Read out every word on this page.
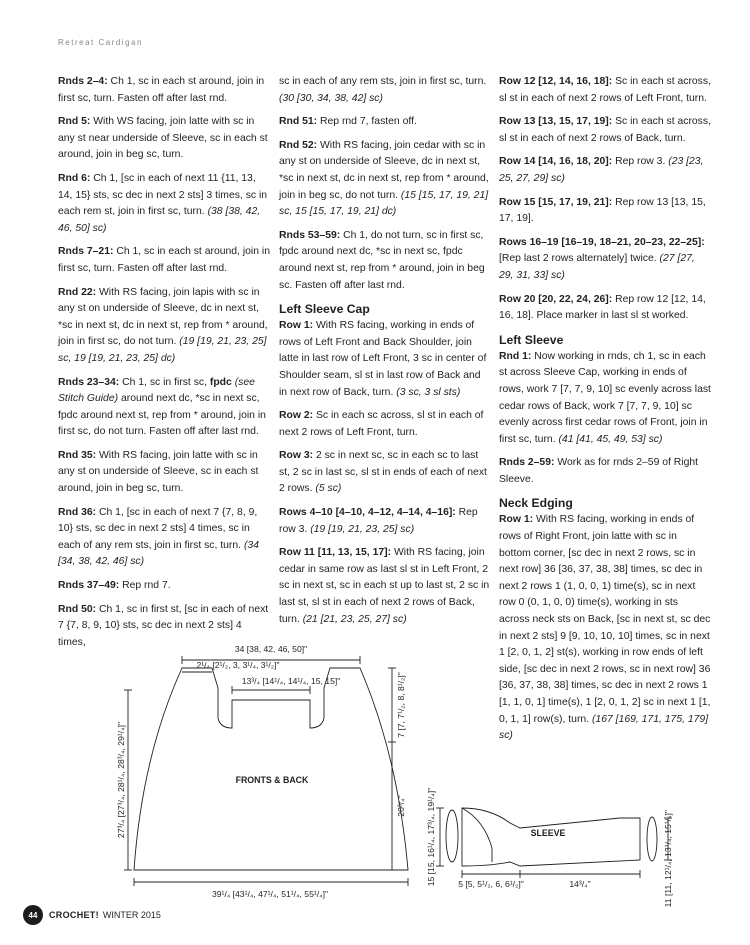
Retreat Cardigan

Rnds 2–4: Ch 1, sc in each st around, join in first sc, turn. Fasten off after last rnd.

Rnd 5: With WS facing, join latte with sc in any st near underside of Sleeve, sc in each st around, join in beg sc, turn.

Rnd 6: Ch 1, [sc in each of next 11 {11, 13, 14, 15} sts, sc dec in next 2 sts] 3 times, sc in each rem st, join in first sc, turn. (38 [38, 42, 46, 50] sc)

Rnds 7–21: Ch 1, sc in each st around, join in first sc, turn. Fasten off after last rnd.

Rnd 22: With RS facing, join lapis with sc in any st on underside of Sleeve, dc in next st, *sc in next st, dc in next st, rep from * around, join in first sc, do not turn. (19 [19, 21, 23, 25] sc, 19 [19, 21, 23, 25] dc)

Rnds 23–34: Ch 1, sc in first sc, fpdc (see Stitch Guide) around next dc, *sc in next sc, fpdc around next st, rep from * around, join in first sc, do not turn. Fasten off after last rnd.

Rnd 35: With RS facing, join latte with sc in any st on underside of Sleeve, sc in each st around, join in beg sc, turn.

Rnd 36: Ch 1, [sc in each of next 7 {7, 8, 9, 10} sts, sc dec in next 2 sts] 4 times, sc in each of any rem sts, join in first sc, turn. (34 [34, 38, 42, 46] sc)

Rnds 37–49: Rep rnd 7.

Rnd 50: Ch 1, sc in first st, [sc in each of next 7 {7, 8, 9, 10} sts, sc dec in next 2 sts] 4 times,

sc in each of any rem sts, join in first sc, turn. (30 [30, 34, 38, 42] sc)

Rnd 51: Rep rnd 7, fasten off.

Rnd 52: With RS facing, join cedar with sc in any st on underside of Sleeve, dc in next st, *sc in next st, dc in next st, rep from * around, join in beg sc, do not turn. (15 [15, 17, 19, 21] sc, 15 [15, 17, 19, 21] dc)

Rnds 53–59: Ch 1, do not turn, sc in first sc, fpdc around next dc, *sc in next sc, fpdc around next st, rep from * around, join in beg sc. Fasten off after last rnd.

Left Sleeve Cap

Row 1: With RS facing, working in ends of rows of Left Front and Back Shoulder, join latte in last row of Left Front, 3 sc in center of Shoulder seam, sl st in last row of Back and in next row of Back, turn. (3 sc, 3 sl sts)

Row 2: Sc in each sc across, sl st in each of next 2 rows of Left Front, turn.

Row 3: 2 sc in next sc, sc in each sc to last st, 2 sc in last sc, sl st in ends of each of next 2 rows. (5 sc)

Rows 4–10 [4–10, 4–12, 4–14, 4–16]: Rep row 3. (19 [19, 21, 23, 25] sc)

Row 11 [11, 13, 15, 17]: With RS facing, join cedar in same row as last sl st in Left Front, 2 sc in next st, sc in each st up to last st, 2 sc in last st, sl st in each of next 2 rows of Back, turn. (21 [21, 23, 25, 27] sc)

Row 12 [12, 14, 16, 18]: Sc in each st across, sl st in each of next 2 rows of Left Front, turn.

Row 13 [13, 15, 17, 19]: Sc in each st across, sl st in each of next 2 rows of Back, turn.

Row 14 [14, 16, 18, 20]: Rep row 3. (23 [23, 25, 27, 29] sc)

Row 15 [15, 17, 19, 21]: Rep row 13 [13, 15, 17, 19].

Rows 16–19 [16–19, 18–21, 20–23, 22–25]: [Rep last 2 rows alternately] twice. (27 [27, 29, 31, 33] sc)

Row 20 [20, 22, 24, 26]: Rep row 12 [12, 14, 16, 18]. Place marker in last sl st worked.

Left Sleeve

Rnd 1: Now working in rnds, ch 1, sc in each st across Sleeve Cap, working in ends of rows, work 7 [7, 7, 9, 10] sc evenly across last cedar rows of Back, work 7 [7, 7, 9, 10] sc evenly across first cedar rows of Front, join in first sc, turn. (41 [41, 45, 49, 53] sc)

Rnds 2–59: Work as for rnds 2–59 of Right Sleeve.

Neck Edging

Row 1: With RS facing, working in ends of rows of Right Front, join latte with sc in bottom corner, [sc dec in next 2 rows, sc in next row] 36 [36, 37, 38, 38] times, sc dec in next 2 rows 1 (1, 0, 0, 1) time(s), sc in next row 0 (0, 1, 0, 0) time(s), working in sts across neck sts on Back, [sc in next st, sc dec in next 2 sts] 9 [9, 10, 10, 10] times, sc in next 1 [2, 0, 1, 2] st(s), working in row ends of left side, [sc dec in next 2 rows, sc in next row] 36 [36, 37, 38, 38] times, sc dec in next 2 rows 1 [1, 1, 0, 1] time(s), 1 [2, 0, 1, 2] sc in next 1 [1, 0, 1, 1] row(s), turn. (167 [169, 171, 175, 179] sc)

FRONTS & BACK
SLEEVE
34 [38, 42, 46, 50]"
2¹/₄ [2¹/₂, 3, 3¹/₄, 3¹/₂]"
13³/₄ [14¹/₄, 14¹/₄, 15, 15]"
39¹/₄ [43¹/₄, 47¹/₄, 51¹/₄, 55¹/₄]"
7 [7, 7¹/₂, 8, 8¹/₂]"
20³/₄"
27³/₄ [27³/₄, 28¹/₄, 28³/₄, 29¹/₄]"	15 [15, 16¹/₄, 17³/₄, 19¹/₄]"	11 [11, 12¹/₄, 13¹/₄, 15¹/₄]"
5 [5, 5¹/₂, 6, 6¹/₂]"	14³/₄"
44	CROCHET! WINTER 2015
